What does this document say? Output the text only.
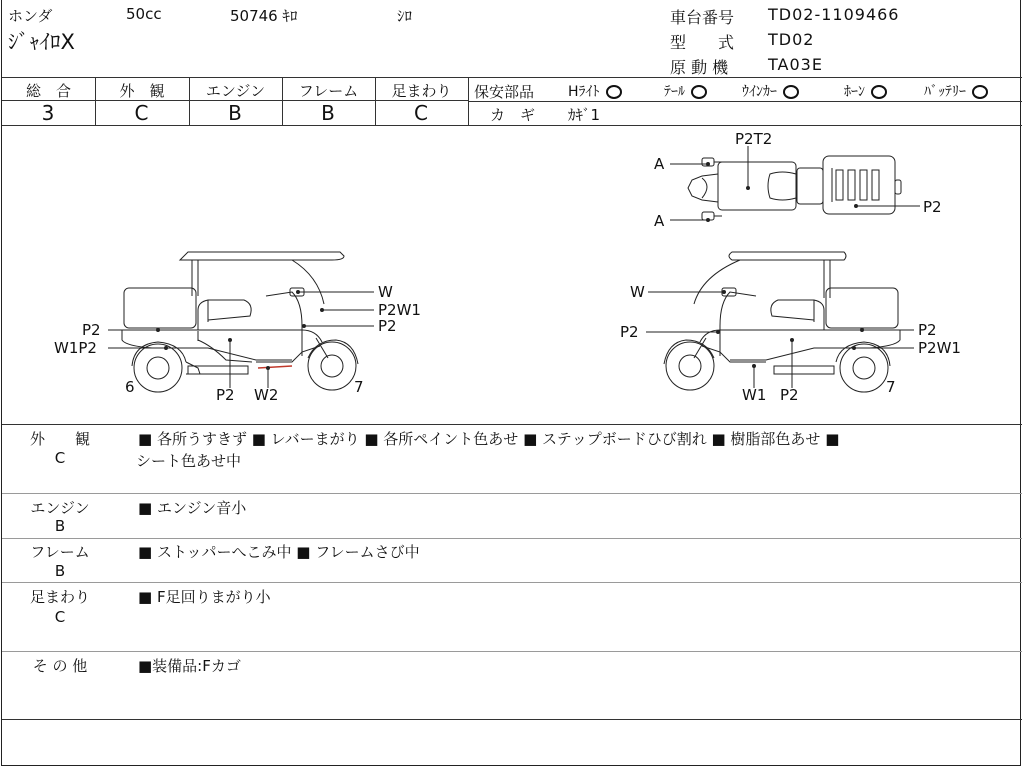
ホンダ	50cc	50746 ｷﾛ	ｼﾛ
ｼﾞｬｲﾛX
車台番号 TD02-1109466
型　　式 TD02
原 動 機 TA03E
総　合	外　観	エンジン	フレーム	足まわり
3	C	B	B	C
保安部品 Hﾗｲﾄ	ﾃｰﾙ	ｳｲﾝｶｰ	ﾎｰﾝ	ﾊﾞｯﾃﾘｰ
カ　ギ ｶｷﾞ1
P2T2
A
A
P2
W
P2W1
P2
P2
W1P2
6	P2 W2	7
W
P2	P2
P2W1
W1 P2	7
外　　観
C
■ 各所うすきず ■ レバーまがり ■ 各所ペイント色あせ ■ ステップボードひび割れ ■ 樹脂部色あせ ■
シート色あせ中
エンジン
B
■ エンジン音小
フレーム
B
■ ストッパーへこみ中 ■ フレームさび中
足まわり
C
■ F足回りまがり小
そ の 他	■装備品:Fカゴ
